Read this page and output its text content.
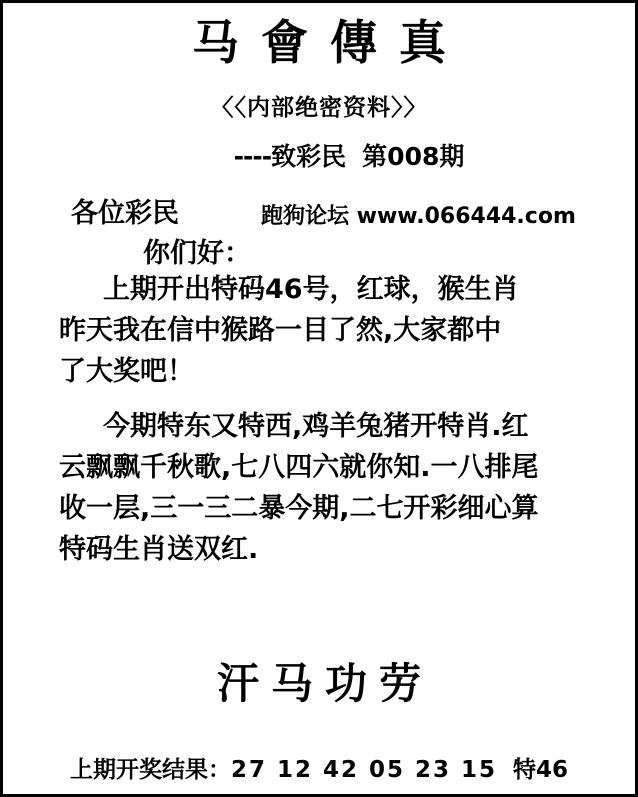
马會傳真
〈〈内部绝密资料〉〉
----致彩民 第008期
各位彩民	跑狗论坛 www.066444.com
你们好：

上期开出特码46号，红球，猴生肖

昨天我在信中猴路一目了然,大家都中

了大奖吧！

今期特东又特西,鸡羊兔猪开特肖.红

云飘飘千秋歌,七八四六就你知.一八排尾

收一层,三一三二暴今期,二七开彩细心算

特码生肖送双红.

汗马功劳
上期开奖结果：27 12 42 05 23 15 特46
